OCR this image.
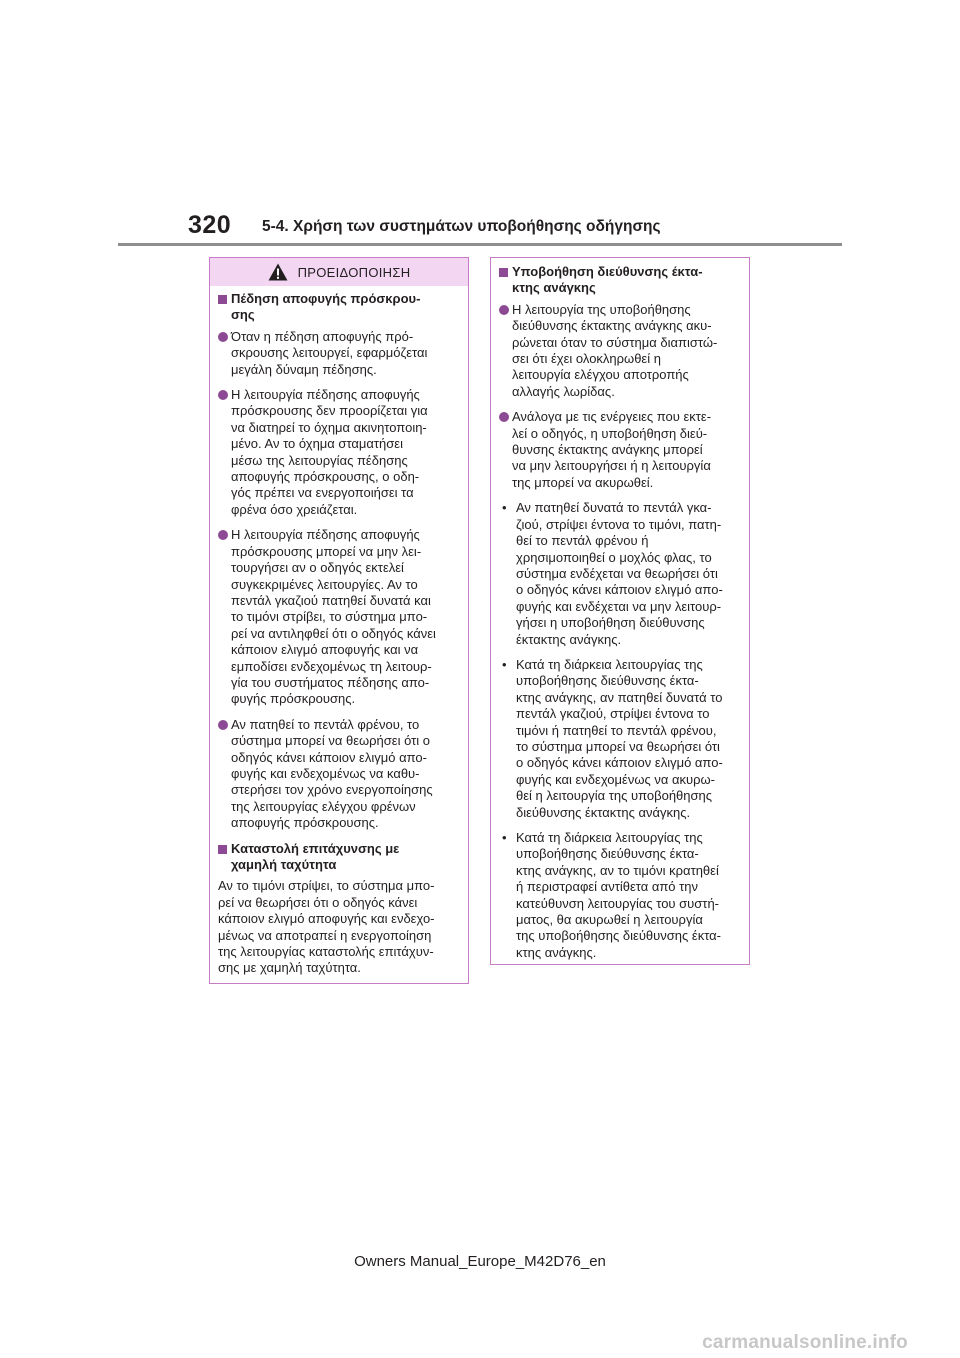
320 5-4. Χρήση των συστημάτων υποβοήθησης οδήγησης
ΠΡΟΕΙΔΟΠΟΙΗΣΗ
Πέδηση αποφυγής πρόσκρου-
σης
Όταν η πέδηση αποφυγής πρό-
σκρουσης λειτουργεί, εφαρμόζεται
μεγάλη δύναμη πέδησης.
Η λειτουργία πέδησης αποφυγής
πρόσκρουσης δεν προορίζεται για
να διατηρεί το όχημα ακινητοποιη-
μένο. Αν το όχημα σταματήσει
μέσω της λειτουργίας πέδησης
αποφυγής πρόσκρουσης, ο οδη-
γός πρέπει να ενεργοποιήσει τα
φρένα όσο χρειάζεται.
Η λειτουργία πέδησης αποφυγής
πρόσκρουσης μπορεί να μην λει-
τουργήσει αν ο οδηγός εκτελεί
συγκεκριμένες λειτουργίες. Αν το
πεντάλ γκαζιού πατηθεί δυνατά και
το τιμόνι στρίβει, το σύστημα μπο-
ρεί να αντιληφθεί ότι ο οδηγός κάνει
κάποιον ελιγμό αποφυγής και να
εμποδίσει ενδεχομένως τη λειτουρ-
γία του συστήματος πέδησης απο-
φυγής πρόσκρουσης.
Αν πατηθεί το πεντάλ φρένου, το
σύστημα μπορεί να θεωρήσει ότι ο
οδηγός κάνει κάποιον ελιγμό απο-
φυγής και ενδεχομένως να καθυ-
στερήσει τον χρόνο ενεργοποίησης
της λειτουργίας ελέγχου φρένων
αποφυγής πρόσκρουσης.
Καταστολή επιτάχυνσης με
χαμηλή ταχύτητα
Αν το τιμόνι στρίψει, το σύστημα μπο-
ρεί να θεωρήσει ότι ο οδηγός κάνει
κάποιον ελιγμό αποφυγής και ενδεχο-
μένως να αποτραπεί η ενεργοποίηση
της λειτουργίας καταστολής επιτάχυν-
σης με χαμηλή ταχύτητα.
Υποβοήθηση διεύθυνσης έκτα-
κτης ανάγκης
Η λειτουργία της υποβοήθησης
διεύθυνσης έκτακτης ανάγκης ακυ-
ρώνεται όταν το σύστημα διαπιστώ-
σει ότι έχει ολοκληρωθεί η
λειτουργία ελέγχου αποτροπής
αλλαγής λωρίδας.
Ανάλογα με τις ενέργειες που εκτε-
λεί ο οδηγός, η υποβοήθηση διεύ-
θυνσης έκτακτης ανάγκης μπορεί
να μην λειτουργήσει ή η λειτουργία
της μπορεί να ακυρωθεί.
• Αν πατηθεί δυνατά το πεντάλ γκα-
ζιού, στρίψει έντονα το τιμόνι, πατη-
θεί το πεντάλ φρένου ή
χρησιμοποιηθεί ο μοχλός φλας, το
σύστημα ενδέχεται να θεωρήσει ότι
ο οδηγός κάνει κάποιον ελιγμό απο-
φυγής και ενδέχεται να μην λειτουρ-
γήσει η υποβοήθηση διεύθυνσης
έκτακτης ανάγκης.
• Κατά τη διάρκεια λειτουργίας της
υποβοήθησης διεύθυνσης έκτα-
κτης ανάγκης, αν πατηθεί δυνατά το
πεντάλ γκαζιού, στρίψει έντονα το
τιμόνι ή πατηθεί το πεντάλ φρένου,
το σύστημα μπορεί να θεωρήσει ότι
ο οδηγός κάνει κάποιον ελιγμό απο-
φυγής και ενδεχομένως να ακυρω-
θεί η λειτουργία της υποβοήθησης
διεύθυνσης έκτακτης ανάγκης.
• Κατά τη διάρκεια λειτουργίας της
υποβοήθησης διεύθυνσης έκτα-
κτης ανάγκης, αν το τιμόνι κρατηθεί
ή περιστραφεί αντίθετα από την
κατεύθυνση λειτουργίας του συστή-
ματος, θα ακυρωθεί η λειτουργία
της υποβοήθησης διεύθυνσης έκτα-
κτης ανάγκης.
Owners Manual_Europe_M42D76_en
carmanualsonline.info
